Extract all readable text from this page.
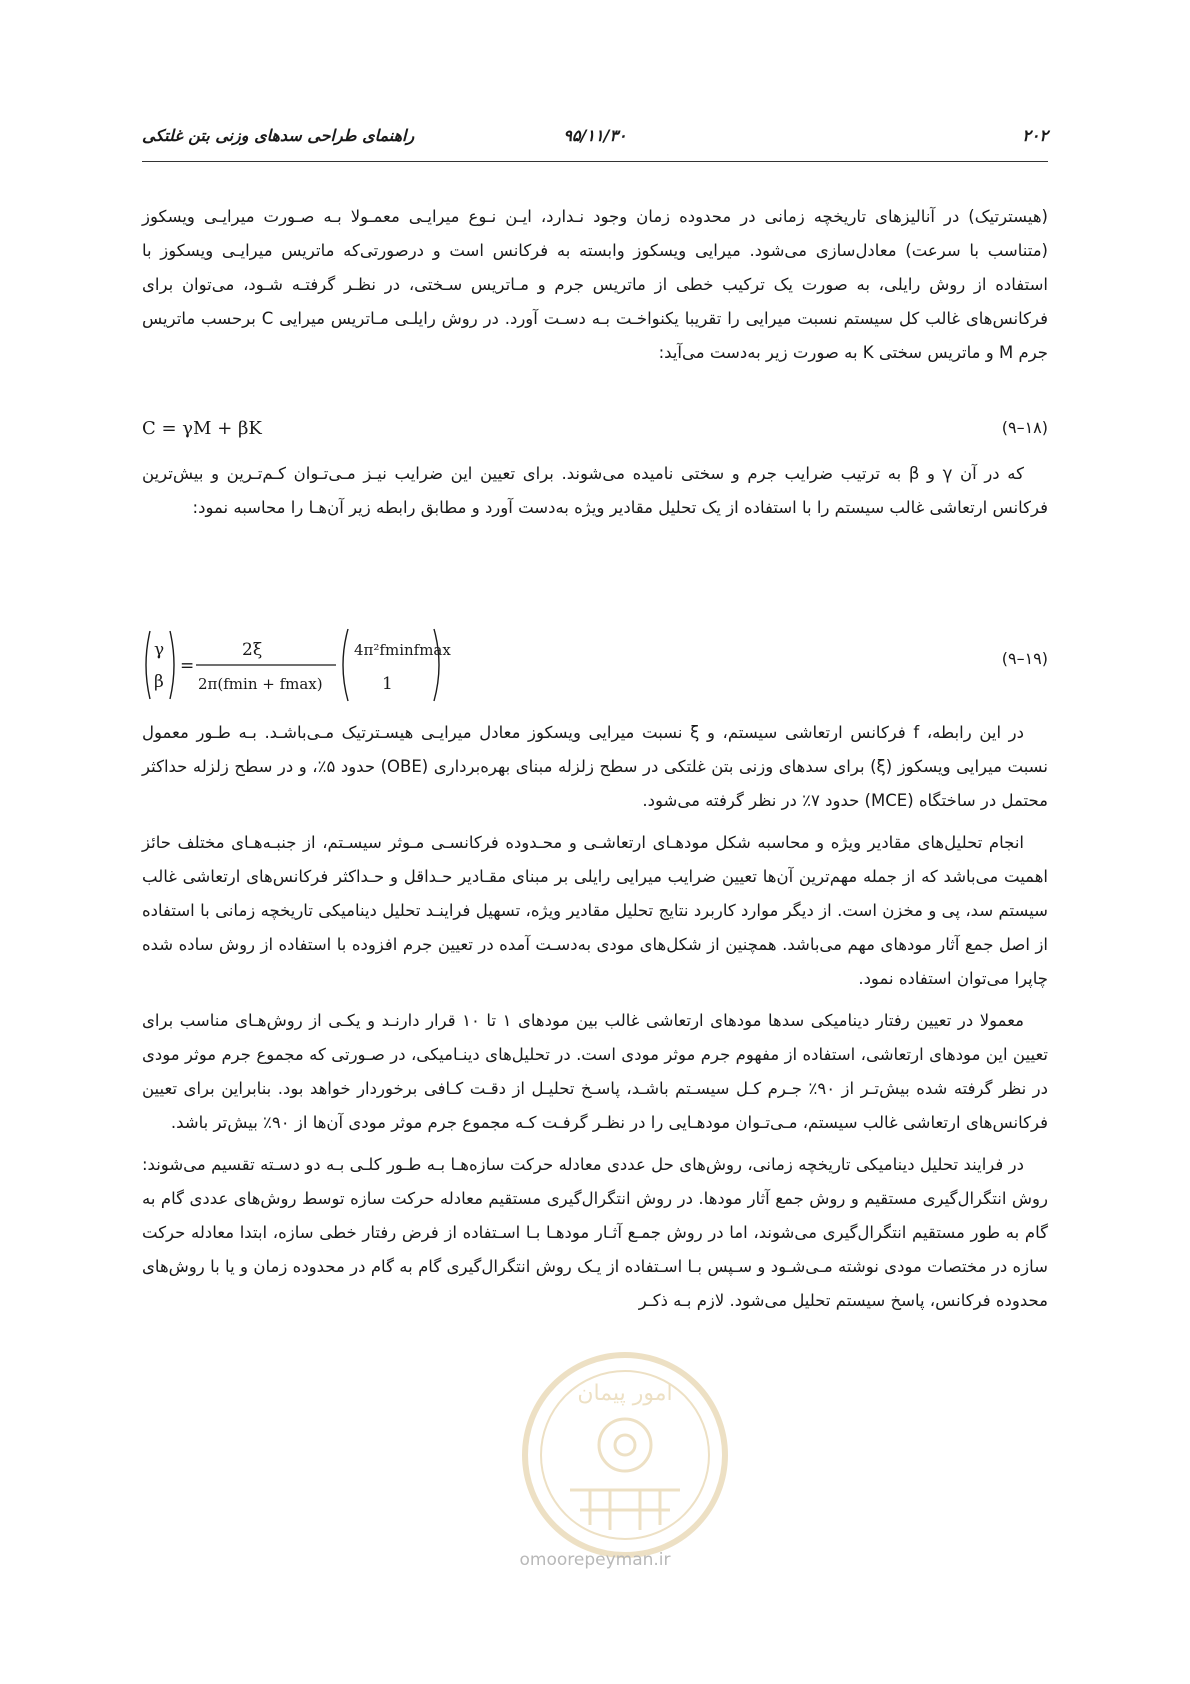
راهنمای طراحی سدهای وزنی بتن غلتکی	۹۵/۱۱/۳۰	۲۰۲

(هیسترتیک) در آنالیزهای تاریخچه زمانی در محدوده زمان وجود نـدارد، ایـن نـوع میرایـی معمـولا بـه صـورت میرایـی ویسکوز (متناسب با سرعت) معادل‌سازی می‌شود. میرایی ویسکوز وابسته به فرکانس است و درصورتی‌که ماتریس میرایـی ویسکوز با استفاده از روش رایلی، به صورت یک ترکیب خطی از ماتریس جرم و مـاتریس سـختی، در نظـر گرفتـه شـود، می‌توان برای فرکانس‌های غالب کل سیستم نسبت میرایی را تقریبا یکنواخـت بـه دسـت آورد. در روش رایلـی مـاتریس میرایی C برحسب ماتریس جرم M و ماتریس سختی K به صورت زیر به‌دست می‌آید:

C = γM + βK	(۹–۱۸)

که در آن γ و β به ترتیب ضرایب جرم و سختی نامیده می‌شوند. برای تعیین این ضرایب نیـز مـی‌تـوان کـم‌تـرین و بیش‌ترین فرکانس ارتعاشی غالب سیستم را با استفاده از یک تحلیل مقادیر ویژه به‌دست آورد و مطابق رابطه زیر آن‌هـا را محاسبه نمود:

γ
β
=
2ξ
2π(fmin + fmax)
4π²fminfmax
1
(۹–۱۹)

در این رابطه، f فرکانس ارتعاشی سیستم، و ξ نسبت میرایی ویسکوز معادل میرایـی هیسـترتیک مـی‌باشـد. بـه طـور معمول نسبت میرایی ویسکوز (ξ) برای سدهای وزنی بتن غلتکی در سطح زلزله مبنای بهره‌برداری (OBE) حدود ۵٪، و در سطح زلزله حداکثر محتمل در ساختگاه (MCE) حدود ۷٪ در نظر گرفته می‌شود.

انجام تحلیل‌های مقادیر ویژه و محاسبه شکل مودهـای ارتعاشـی و محـدوده فرکانسـی مـوثر سیسـتم، از جنبـه‌هـای مختلف حائز اهمیت می‌باشد که از جمله مهم‌ترین آن‌ها تعیین ضرایب میرایی رایلی بر مبنای مقـادیر حـداقل و حـداکثر فرکانس‌های ارتعاشی غالب سیستم سد، پی و مخزن است. از دیگر موارد کاربرد نتایج تحلیل مقادیر ویژه، تسهیل فراینـد تحلیل دینامیکی تاریخچه زمانی با استفاده از اصل جمع آثار مودهای مهم می‌باشد. همچنین از شکل‌های مودی به‌دسـت آمده در تعیین جرم افزوده با استفاده از روش ساده شده چاپرا می‌توان استفاده نمود.

معمولا در تعیین رفتار دینامیکی سدها مودهای ارتعاشی غالب بین مودهای ۱ تا ۱۰ قرار دارنـد و یکـی از روش‌هـای مناسب برای تعیین این مودهای ارتعاشی، استفاده از مفهوم جرم موثر مودی است. در تحلیل‌های دینـامیکی، در صـورتی که مجموع جرم موثر مودی در نظر گرفته شده بیش‌تـر از ۹۰٪ جـرم کـل سیسـتم باشـد، پاسـخ تحلیـل از دقـت کـافی برخوردار خواهد بود. بنابراین برای تعیین فرکانس‌های ارتعاشی غالب سیستم، مـی‌تـوان مودهـایی را در نظـر گرفـت کـه مجموع جرم موثر مودی آن‌ها از ۹۰٪ بیش‌تر باشد.

در فرایند تحلیل دینامیکی تاریخچه زمانی، روش‌های حل عددی معادله حرکت سازه‌هـا بـه طـور کلـی بـه دو دسـته تقسیم می‌شوند: روش انتگرال‌گیری مستقیم و روش جمع آثار مودها. در روش انتگرال‌گیری مستقیم معادله حرکت سازه توسط روش‌های عددی گام به گام به طور مستقیم انتگرال‌گیری می‌شوند، اما در روش جمـع آثـار مودهـا بـا اسـتفاده از فرض رفتار خطی سازه، ابتدا معادله حرکت سازه در مختصات مودی نوشته مـی‌شـود و سـپس بـا اسـتفاده از یـک روش انتگرال‌گیری گام به گام در محدوده زمان و یا با روش‌های محدوده فرکانس، پاسخ سیستم تحلیل می‌شود. لازم بـه ذکـر

امور پیمان
omoorepeyman.ir
